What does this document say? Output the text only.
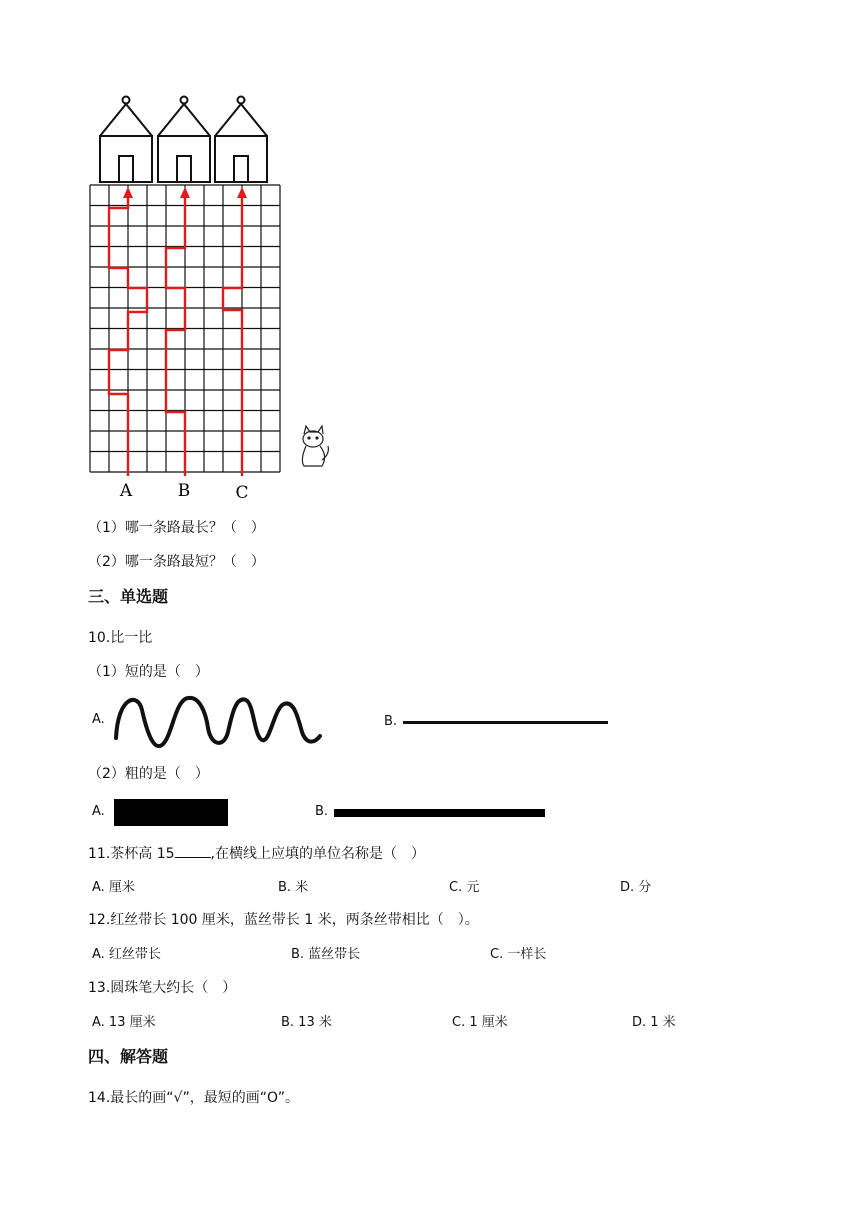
A	B	C
（1）哪一条路最长？（　）
（2）哪一条路最短？（　）
三、单选题
10.比一比
（1）短的是（　）
A.	B.
（2）粗的是（　）
A.	B.
11.茶杯高 15	,在横线上应填的单位名称是（　）
A. 厘米	B. 米	C. 元	D. 分
12.红丝带长 100 厘米，蓝丝带长 1 米，两条丝带相比（　）。
A. 红丝带长	B. 蓝丝带长	C. 一样长
13.圆珠笔大约长（　）
A. 13 厘米	B. 13 米	C. 1 厘米	D. 1 米
四、解答题
14.最长的画“√”，最短的画“O”。
